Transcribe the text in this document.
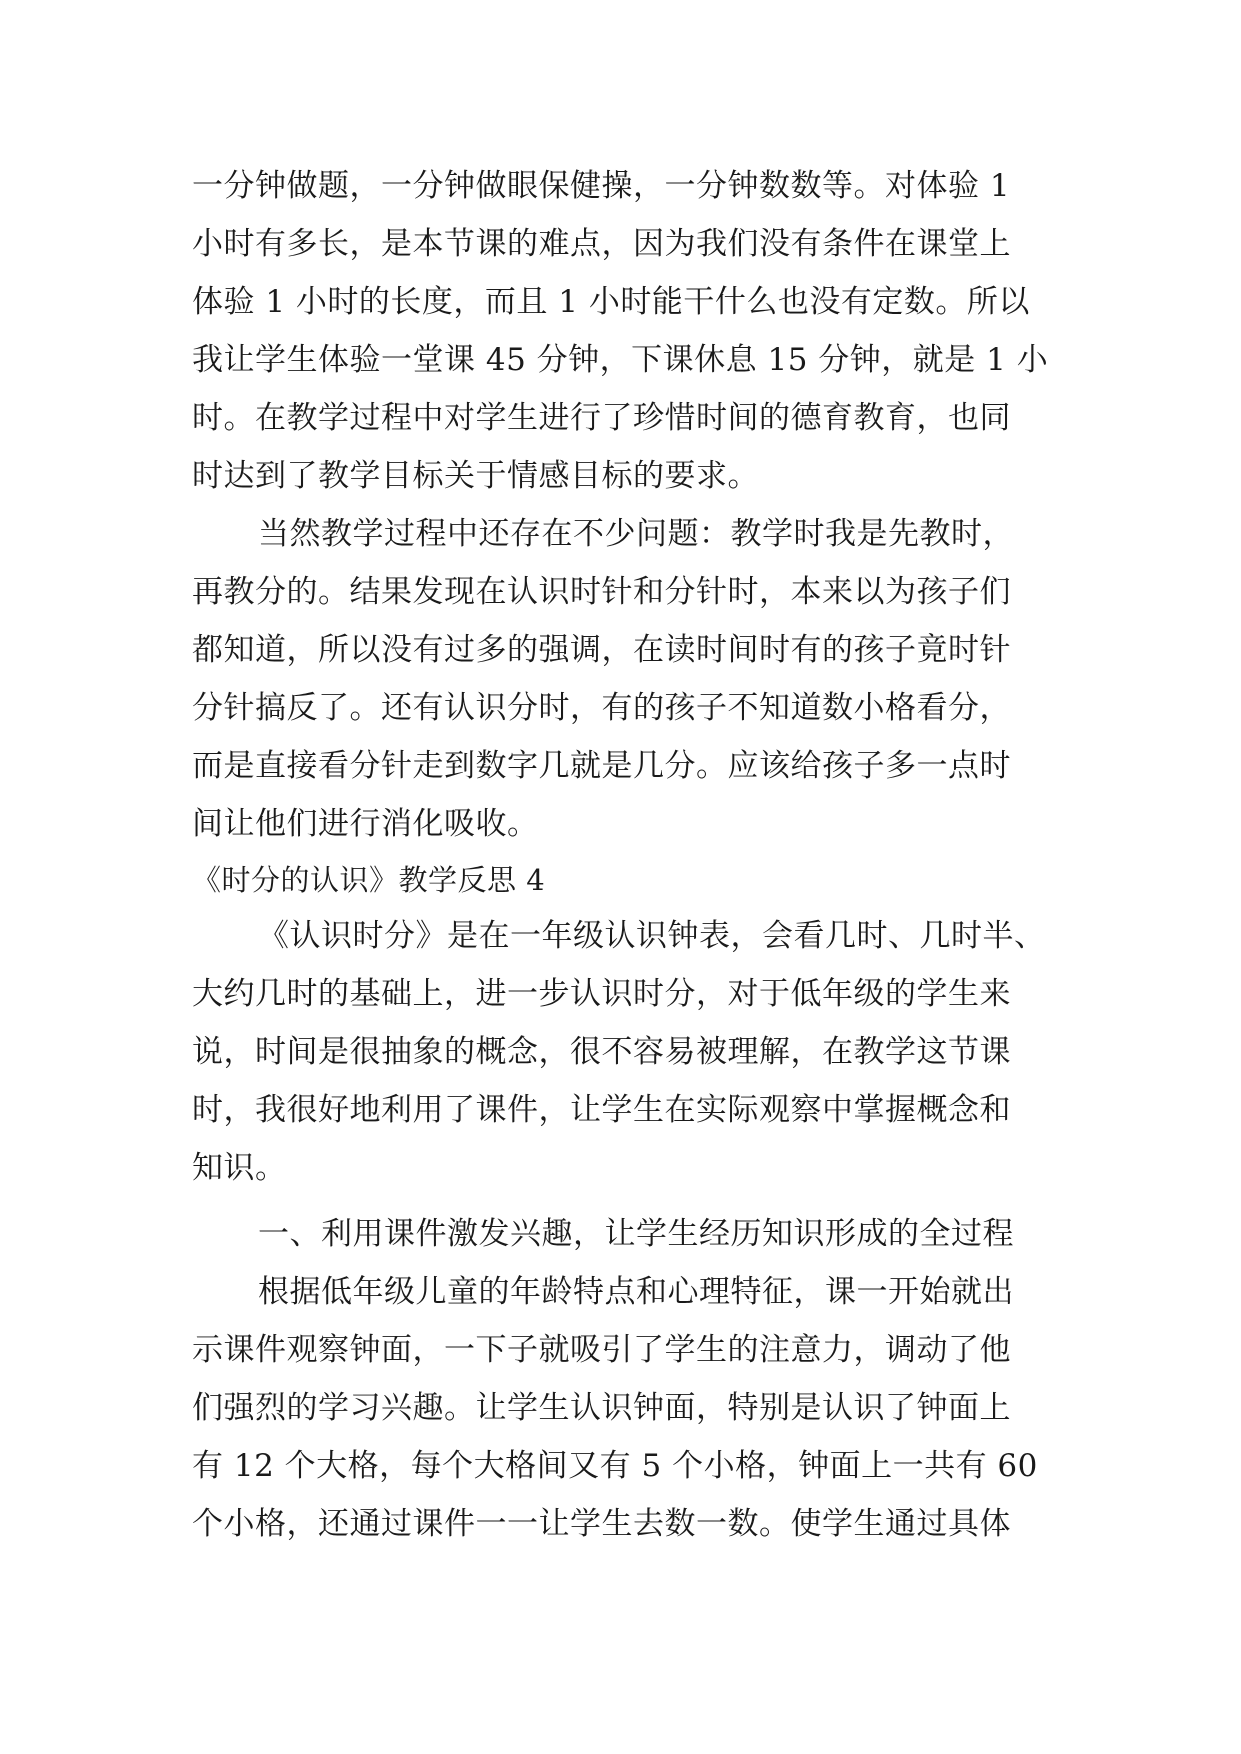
一分钟做题，一分钟做眼保健操，一分钟数数等。对体验 1
小时有多长，是本节课的难点，因为我们没有条件在课堂上
体验 1 小时的长度，而且 1 小时能干什么也没有定数。所以
我让学生体验一堂课 45 分钟，下课休息 15 分钟，就是 1 小
时。在教学过程中对学生进行了珍惜时间的德育教育，也同
时达到了教学目标关于情感目标的要求。
当然教学过程中还存在不少问题：教学时我是先教时，
再教分的。结果发现在认识时针和分针时，本来以为孩子们
都知道，所以没有过多的强调，在读时间时有的孩子竟时针
分针搞反了。还有认识分时，有的孩子不知道数小格看分，
而是直接看分针走到数字几就是几分。应该给孩子多一点时
间让他们进行消化吸收。
《时分的认识》教学反思 4
《认识时分》是在一年级认识钟表，会看几时、几时半、
大约几时的基础上，进一步认识时分，对于低年级的学生来
说，时间是很抽象的概念，很不容易被理解，在教学这节课
时，我很好地利用了课件，让学生在实际观察中掌握概念和
知识。
一、利用课件激发兴趣，让学生经历知识形成的全过程
根据低年级儿童的年龄特点和心理特征，课一开始就出
示课件观察钟面，一下子就吸引了学生的注意力，调动了他
们强烈的学习兴趣。让学生认识钟面，特别是认识了钟面上
有 12 个大格，每个大格间又有 5 个小格，钟面上一共有 60
个小格，还通过课件一一让学生去数一数。使学生通过具体
